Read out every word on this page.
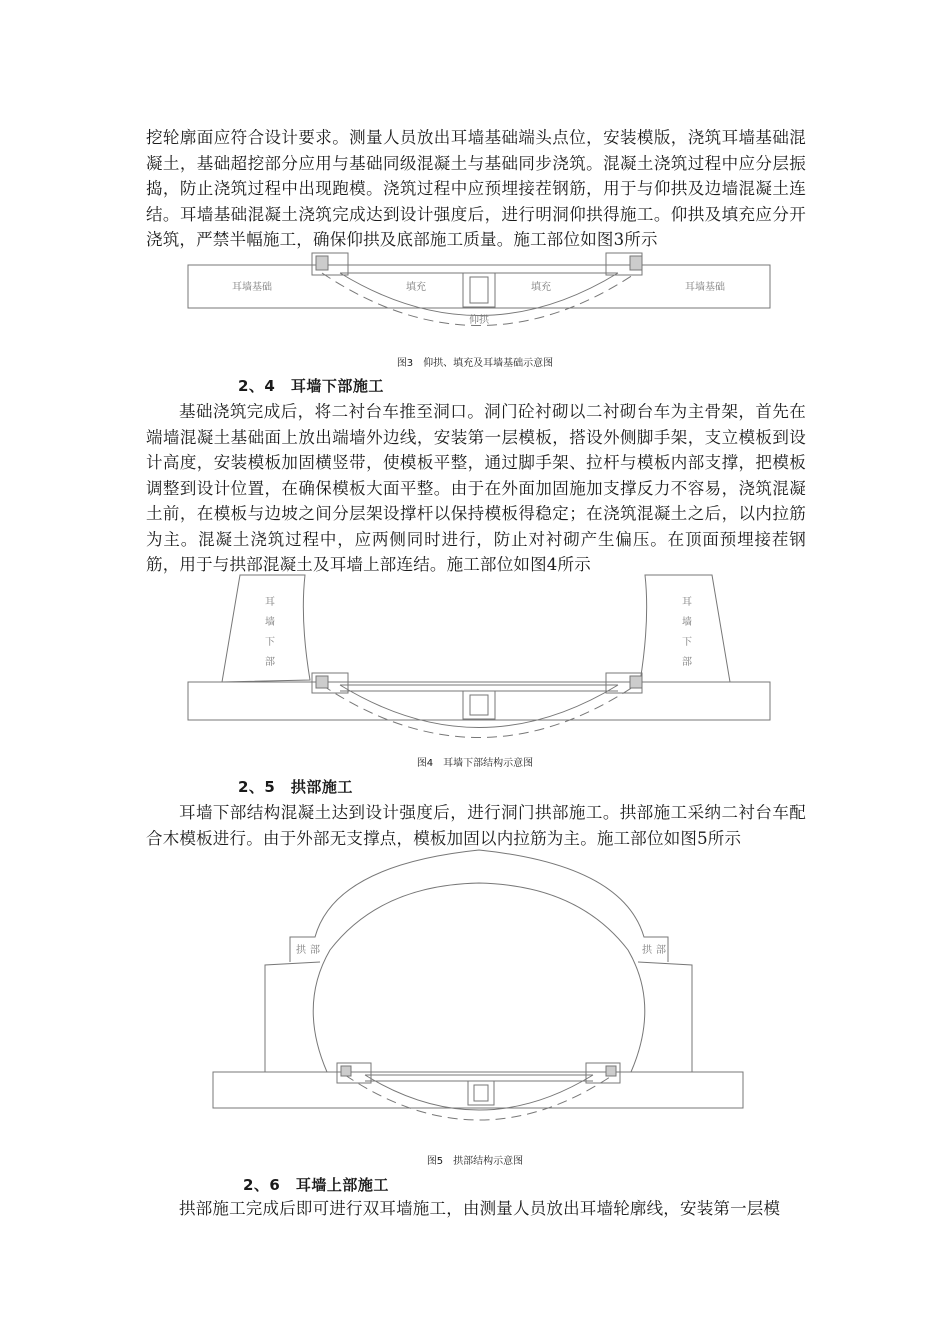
挖轮廓面应符合设计要求。测量人员放出耳墙基础端头点位，安装模版，浇筑耳墙基础混凝土，基础超挖部分应用与基础同级混凝土与基础同步浇筑。混凝土浇筑过程中应分层振捣，防止浇筑过程中出现跑模。浇筑过程中应预埋接茬钢筋，用于与仰拱及边墙混凝土连结。耳墙基础混凝土浇筑完成达到设计强度后，进行明洞仰拱得施工。仰拱及填充应分开浇筑，严禁半幅施工，确保仰拱及底部施工质量。施工部位如图3所示

耳墙基础	填充	填充	耳墙基础
仰拱

图3　仰拱、填充及耳墙基础示意图

2、4　耳墙下部施工

基础浇筑完成后，将二衬台车推至洞口。洞门砼衬砌以二衬砌台车为主骨架，首先在端墙混凝土基础面上放出端墙外边线，安装第一层模板，搭设外侧脚手架，支立模板到设计高度，安装模板加固横竖带，使模板平整，通过脚手架、拉杆与模板内部支撑，把模板调整到设计位置，在确保模板大面平整。由于在外面加固施加支撑反力不容易，浇筑混凝土前，在模板与边坡之间分层架设撑杆以保持模板得稳定；在浇筑混凝土之后，以内拉筋为主。混凝土浇筑过程中，应两侧同时进行，防止对衬砌产生偏压。在顶面预埋接茬钢筋，用于与拱部混凝土及耳墙上部连结。施工部位如图4所示

耳
墙
下
部
耳
墙
下
部

图4　耳墙下部结构示意图

2、5　拱部施工

耳墙下部结构混凝土达到设计强度后，进行洞门拱部施工。拱部施工采纳二衬台车配合木模板进行。由于外部无支撑点，模板加固以内拉筋为主。施工部位如图5所示

拱部	拱部

图5　拱部结构示意图

2、6　耳墙上部施工

拱部施工完成后即可进行双耳墙施工，由测量人员放出耳墙轮廓线，安装第一层模
